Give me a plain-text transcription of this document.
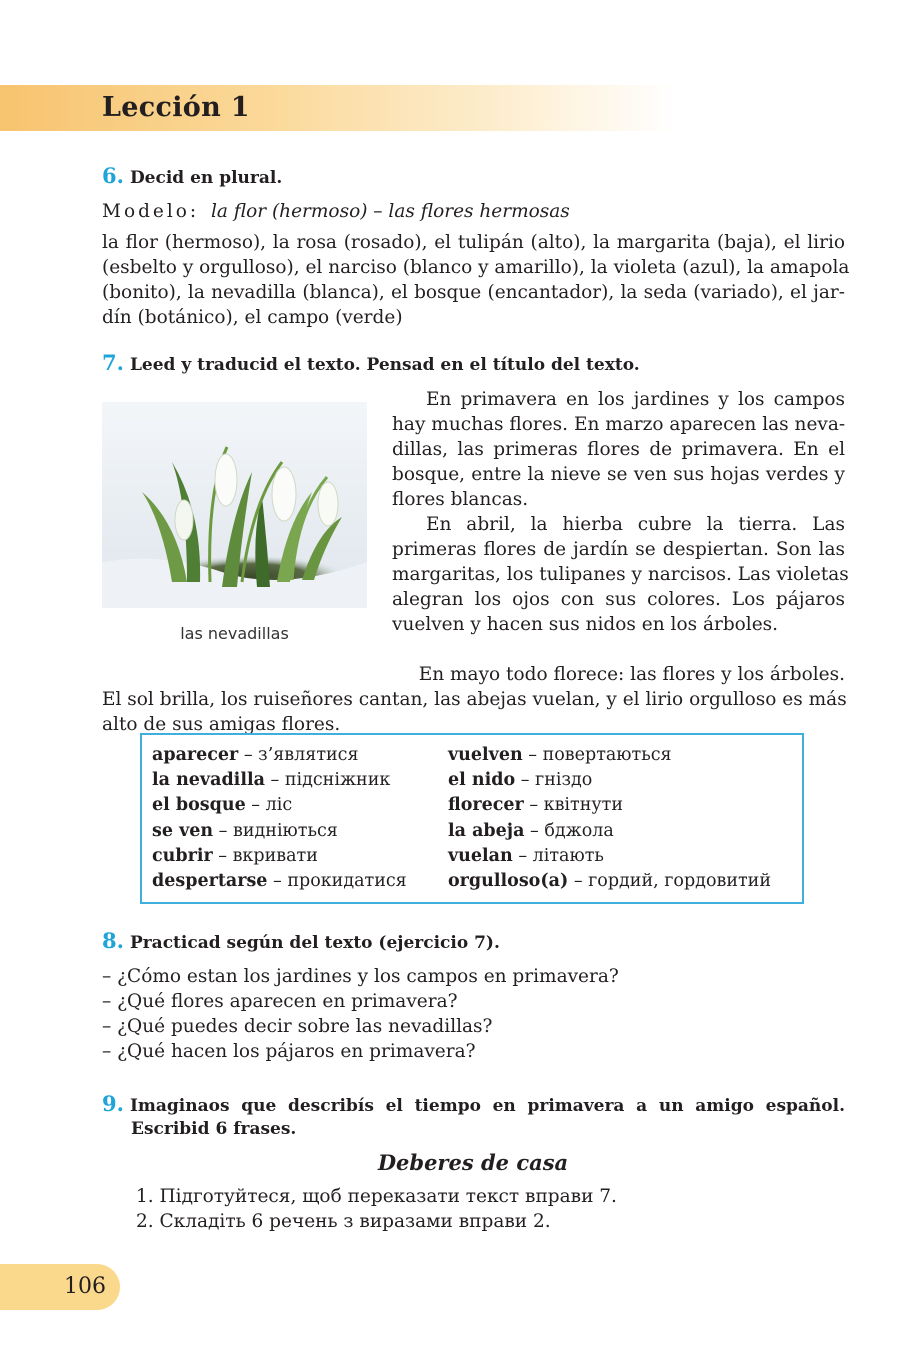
Lección 1
6. Decid en plural.
Modelo: la flor (hermoso) – las flores hermosas
la flor (hermoso), la rosa (rosado), el tulipán (alto), la margarita (baja), el lirio
(esbelto y orgulloso), el narciso (blanco y amarillo), la violeta (azul), la amapola
(bonito), la nevadilla (blanca), el bosque (encantador), la seda (variado), el jar-
dín (botánico), el campo (verde)
7. Leed y traducid el texto. Pensad en el título del texto.
las nevadillas
En primavera en los jardines y los campos
hay muchas flores. En marzo aparecen las neva-
dillas, las primeras flores de primavera. En el
bosque, entre la nieve se ven sus hojas verdes y
flores blancas.
En abril, la hierba cubre la tierra. Las
primeras flores de jardín se despiertan. Son las
margaritas, los tulipanes y narcisos. Las violetas
alegran los ojos con sus colores. Los pájaros
vuelven y hacen sus nidos en los árboles.
En mayo todo florece: las flores y los árboles.
El sol brilla, los ruiseñores cantan, las abejas vuelan, y el lirio orgulloso es más
alto de sus amigas flores.
aparecer – з’являтися
la nevadilla – підсніжник
el bosque – ліс
se ven – видніються
cubrir – вкривати
despertarse – прокидатися
vuelven – повертаються
el nido – гніздо
florecer – квітнути
la abeja – бджола
vuelan – літають
orgulloso(a) – гордий, гордовитий
8. Practicad según del texto (ejercicio 7).
– ¿Cómo estan los jardines y los campos en primavera?
– ¿Qué flores aparecen en primavera?
– ¿Qué puedes decir sobre las nevadillas?
– ¿Qué hacen los pájaros en primavera?
9. Imaginaos que describís el tiempo en primavera a un amigo español.
Escribid 6 frases.
Deberes de casa
1. Підготуйтеся, щоб переказати текст вправи 7.
2. Складіть 6 речень з виразами вправи 2.
106
